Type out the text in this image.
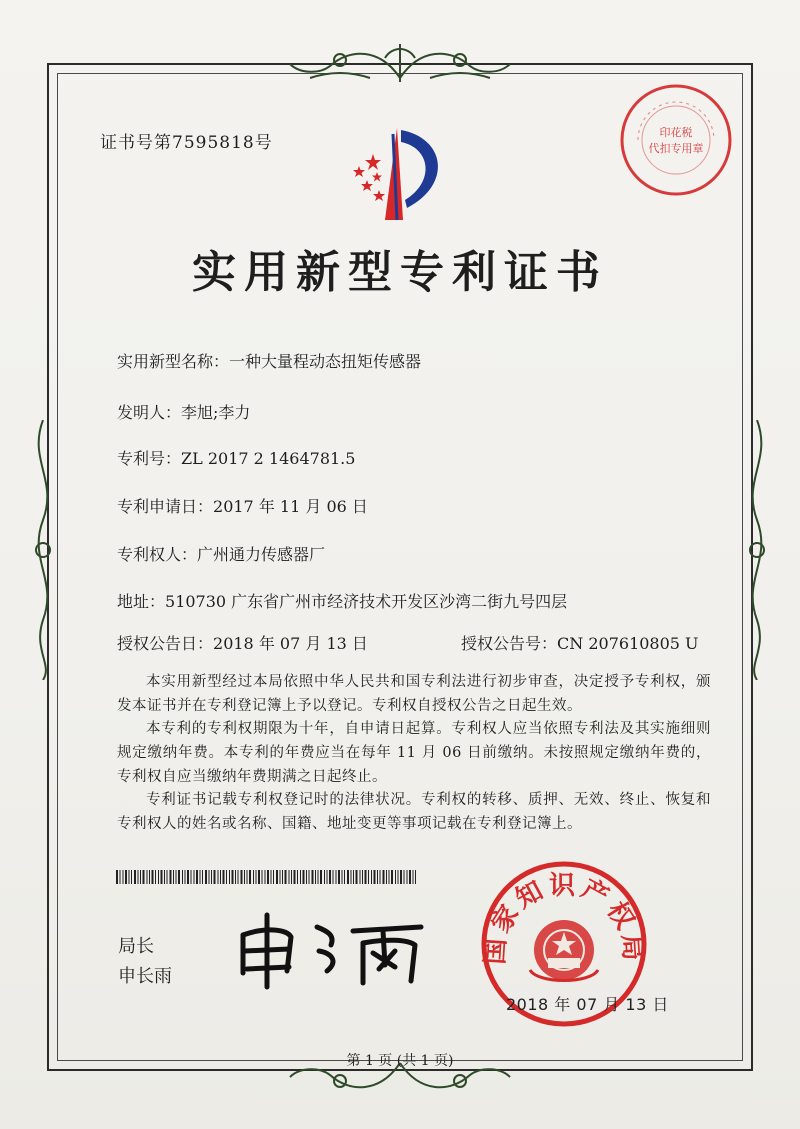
证书号第7595818号
印花税
代扣专用章
实用新型专利证书
实用新型名称：一种大量程动态扭矩传感器
发明人：李旭;李力
专利号：ZL 2017 2 1464781.5
专利申请日：2017 年 11 月 06 日
专利权人：广州通力传感器厂
地址：510730 广东省广州市经济技术开发区沙湾二街九号四层
授权公告日：2018 年 07 月 13 日	授权公告号：CN 207610805 U
本实用新型经过本局依照中华人民共和国专利法进行初步审查，决定授予专利权，颁发本证书并在专利登记簿上予以登记。专利权自授权公告之日起生效。
本专利的专利权期限为十年，自申请日起算。专利权人应当依照专利法及其实施细则规定缴纳年费。本专利的年费应当在每年 11 月 06 日前缴纳。未按照规定缴纳年费的，专利权自应当缴纳年费期满之日起终止。
专利证书记载专利权登记时的法律状况。专利权的转移、质押、无效、终止、恢复和专利权人的姓名或名称、国籍、地址变更等事项记载在专利登记簿上。
局长
申长雨
国家知识产权局
2018 年 07 月 13 日
第 1 页 (共 1 页)
